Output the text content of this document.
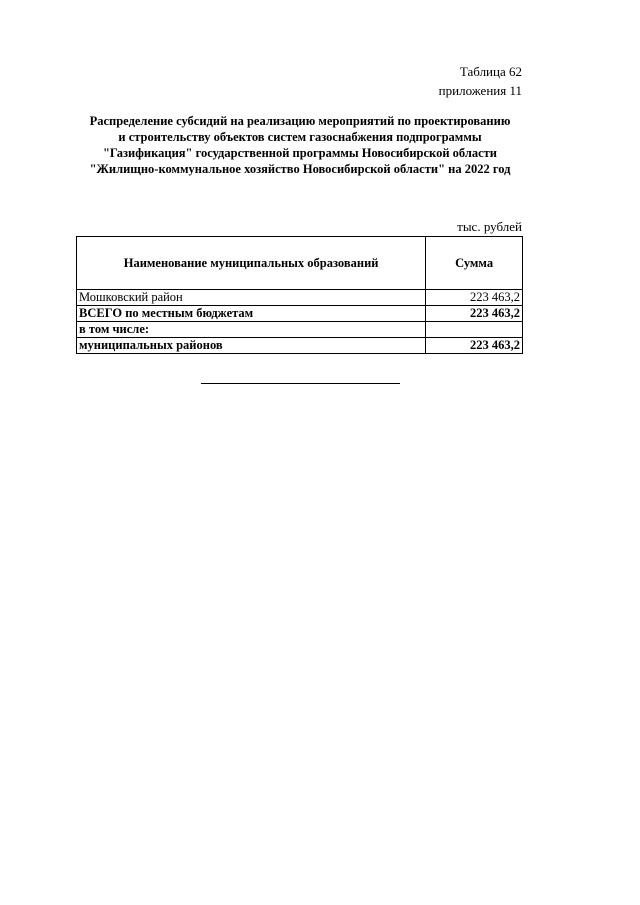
Таблица 62
приложения 11
Распределение субсидий на реализацию мероприятий по проектированию
и строительству объектов систем газоснабжения подпрограммы
"Газификация" государственной программы Новосибирской области
"Жилищно-коммунальное хозяйство Новосибирской области" на 2022 год
тыс. рублей
Наименование муниципальных образований	Сумма
Мошковский район	223 463,2
ВСЕГО по местным бюджетам	223 463,2
в том числе:	
муниципальных районов	223 463,2
